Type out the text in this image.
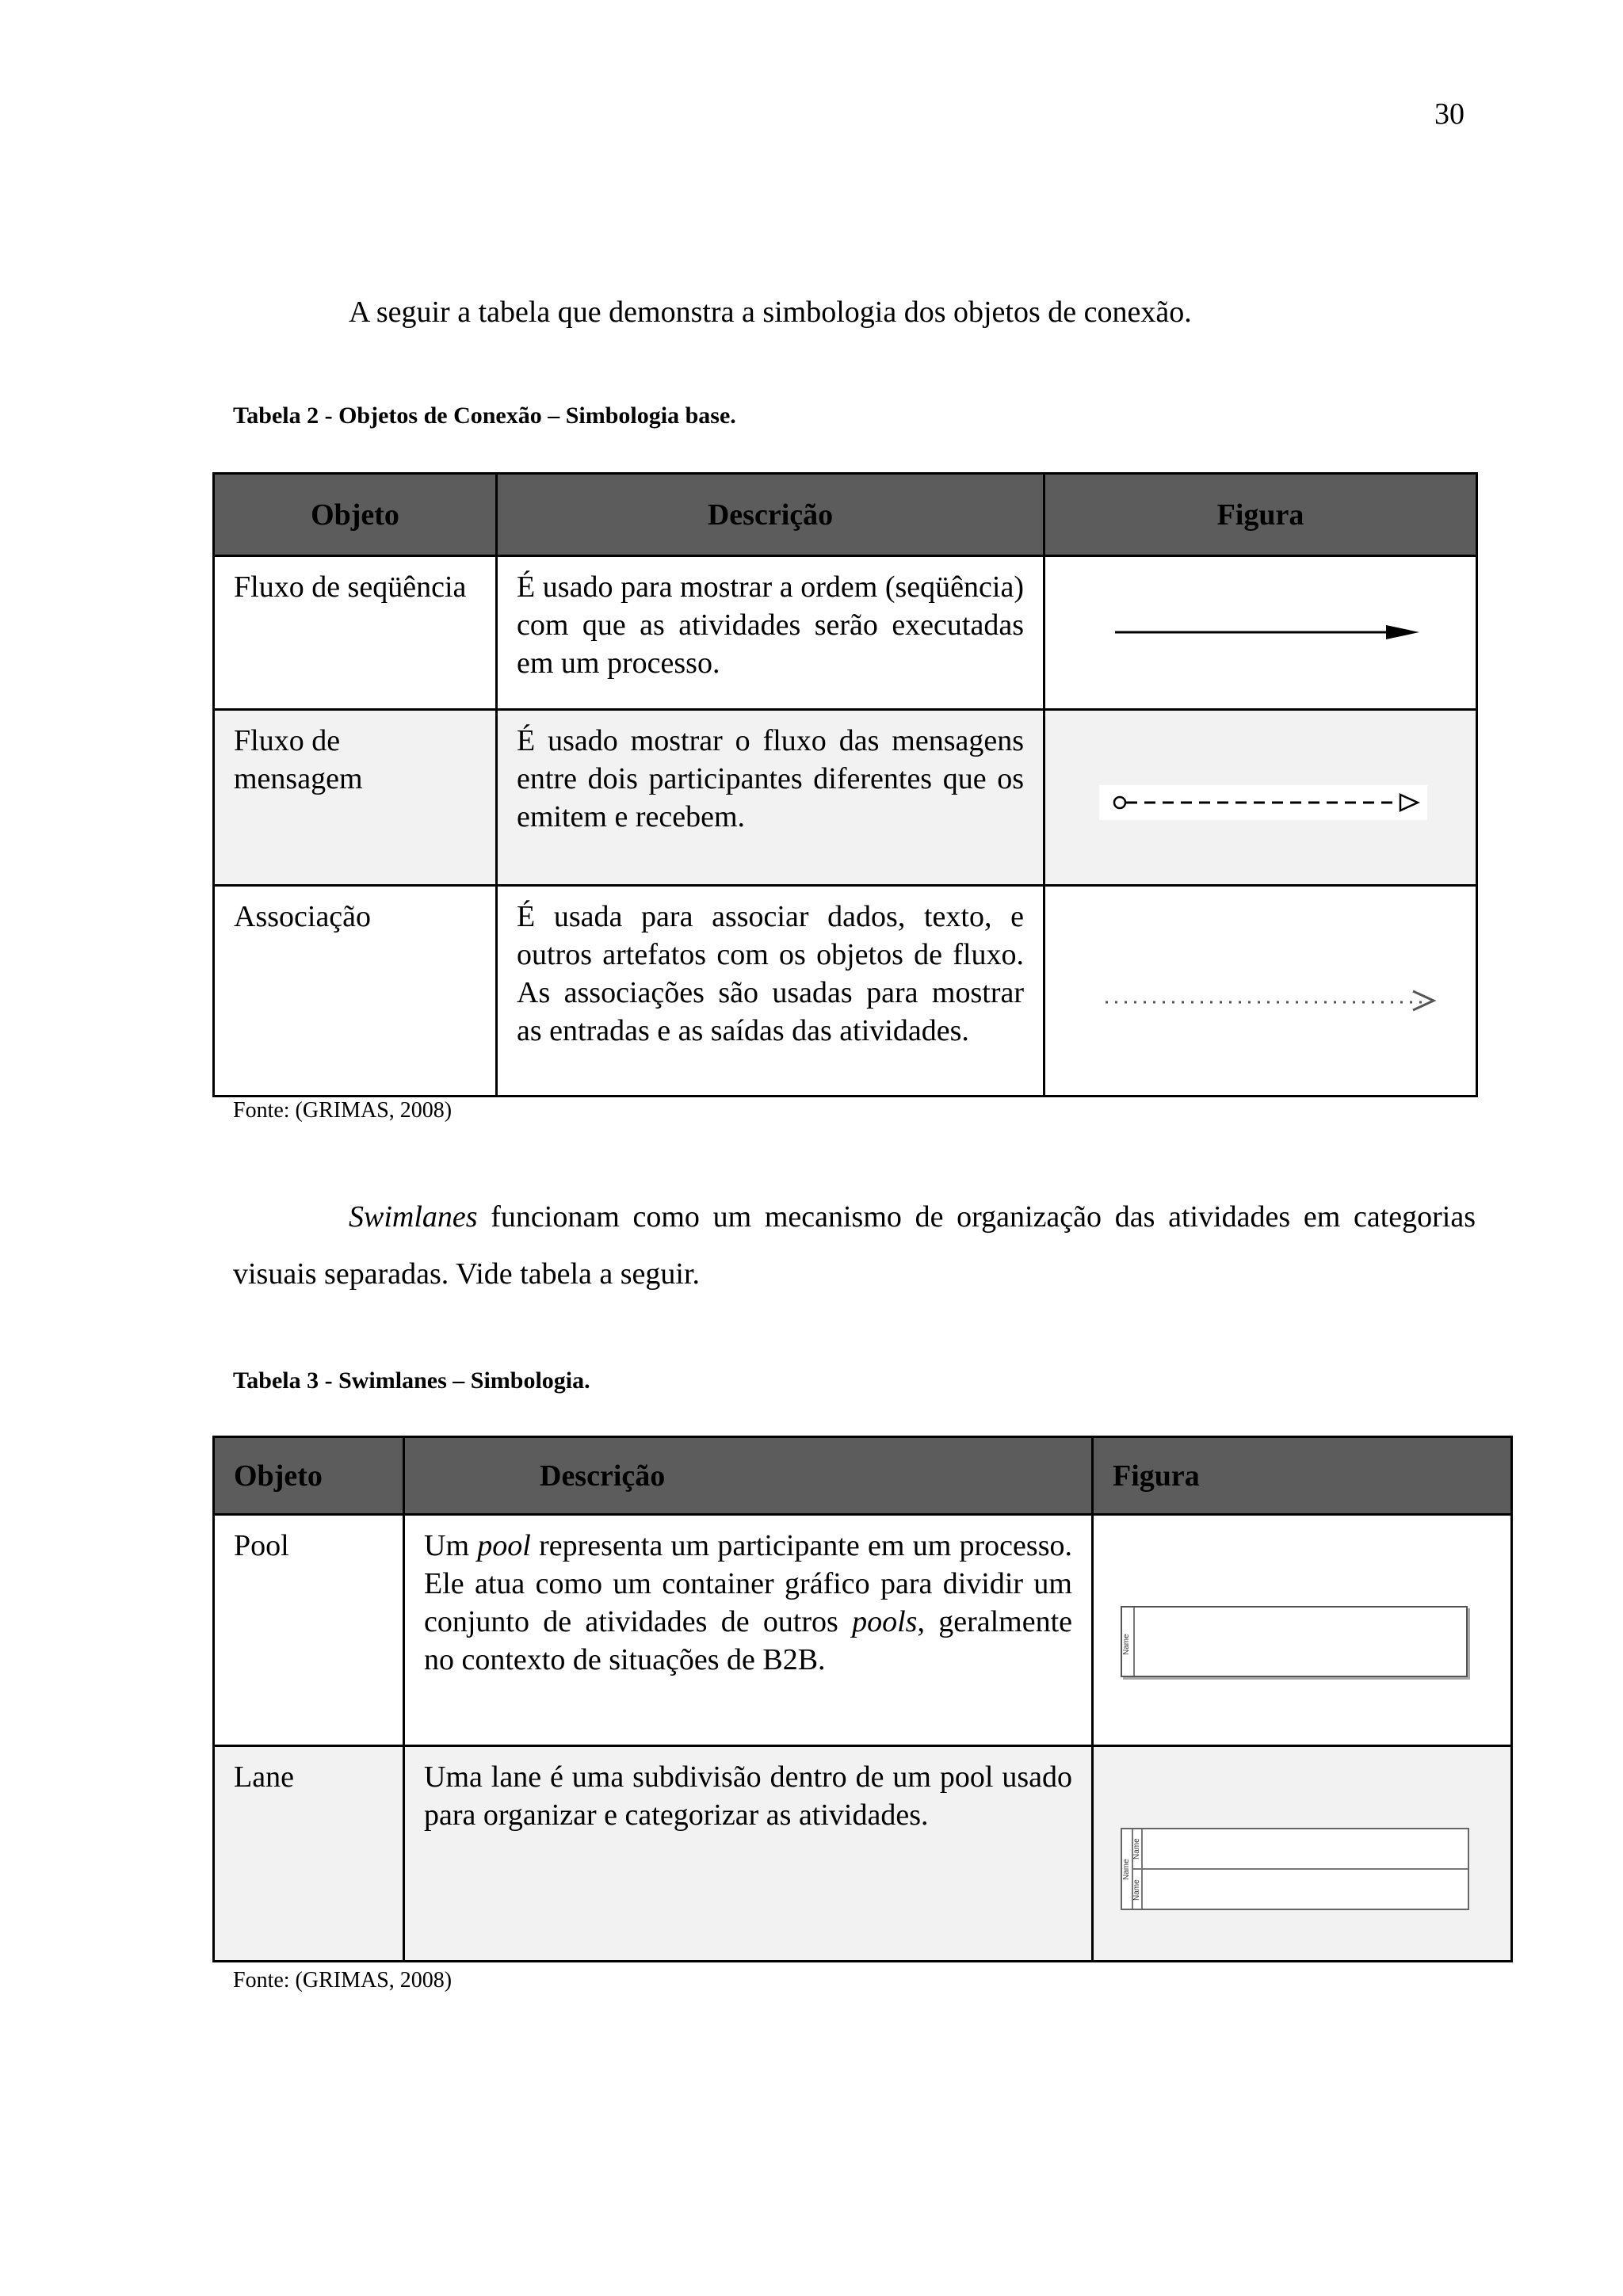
30
A seguir a tabela que demonstra a simbologia dos objetos de conexão.
Tabela 2 - Objetos de Conexão – Simbologia base.
Objeto	Descrição	Figura
Fluxo de seqüência	É usado para mostrar a ordem (seqüência) com que as atividades serão executadas em um processo.	

Fluxo de mensagem	É usado mostrar o fluxo das mensagens entre dois participantes diferentes que os emitem e recebem.	

Associação	É usada para associar dados, texto, e outros artefatos com os objetos de fluxo. As associações são usadas para mostrar as entradas e as saídas das atividades.	
Fonte: (GRIMAS, 2008)
Swimlanes funcionam como um mecanismo de organização das atividades em categorias visuais separadas. Vide tabela a seguir.
Tabela 3 - Swimlanes – Simbologia.
Objeto	Descrição	Figura
Pool	Um pool representa um participante em um processo. Ele atua como um container gráfico para dividir um conjunto de atividades de outros pools, geralmente no contexto de situações de B2B.	Name

Lane	Uma lane é uma subdivisão dentro de um pool usado para organizar e categorizar as atividades.	Name
Name
Name
Fonte: (GRIMAS, 2008)
